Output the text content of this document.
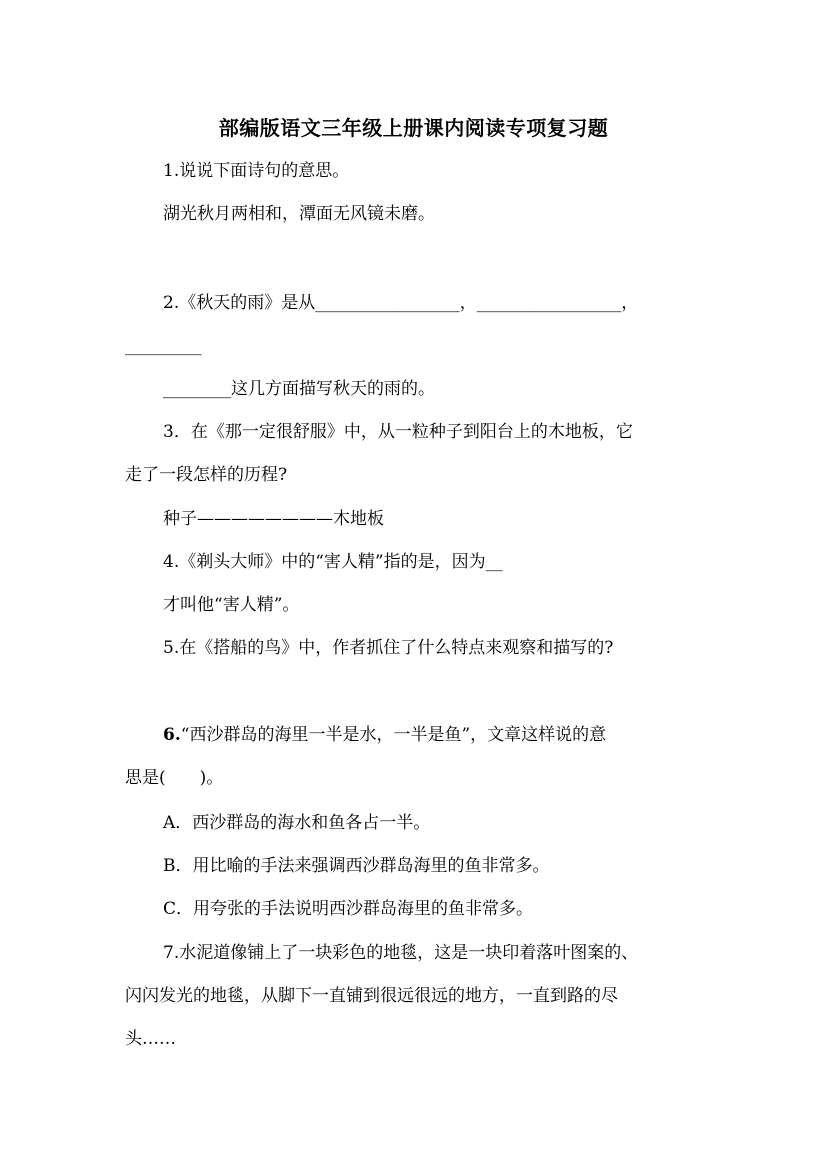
部编版语文三年级上册课内阅读专项复习题
1.说说下面诗句的意思。
湖光秋月两相和，潭面无风镜未磨。
2.《秋天的雨》是从_________________，_________________，
_________
________这几方面描写秋天的雨的。
3．在《那一定很舒服》中，从一粒种子到阳台上的木地板，它
走了一段怎样的历程?
种子————————木地板
4.《剃头大师》中的“害人精”指的是，因为__
才叫他“害人精”。
5.在《搭船的鸟》中，作者抓住了什么特点来观察和描写的?
6.“西沙群岛的海里一半是水，一半是鱼”，文章这样说的意
思是(　　)。
A．西沙群岛的海水和鱼各占一半。
B．用比喻的手法来强调西沙群岛海里的鱼非常多。
C．用夸张的手法说明西沙群岛海里的鱼非常多。
7.水泥道像铺上了一块彩色的地毯，这是一块印着落叶图案的、
闪闪发光的地毯，从脚下一直铺到很远很远的地方，一直到路的尽
头……
